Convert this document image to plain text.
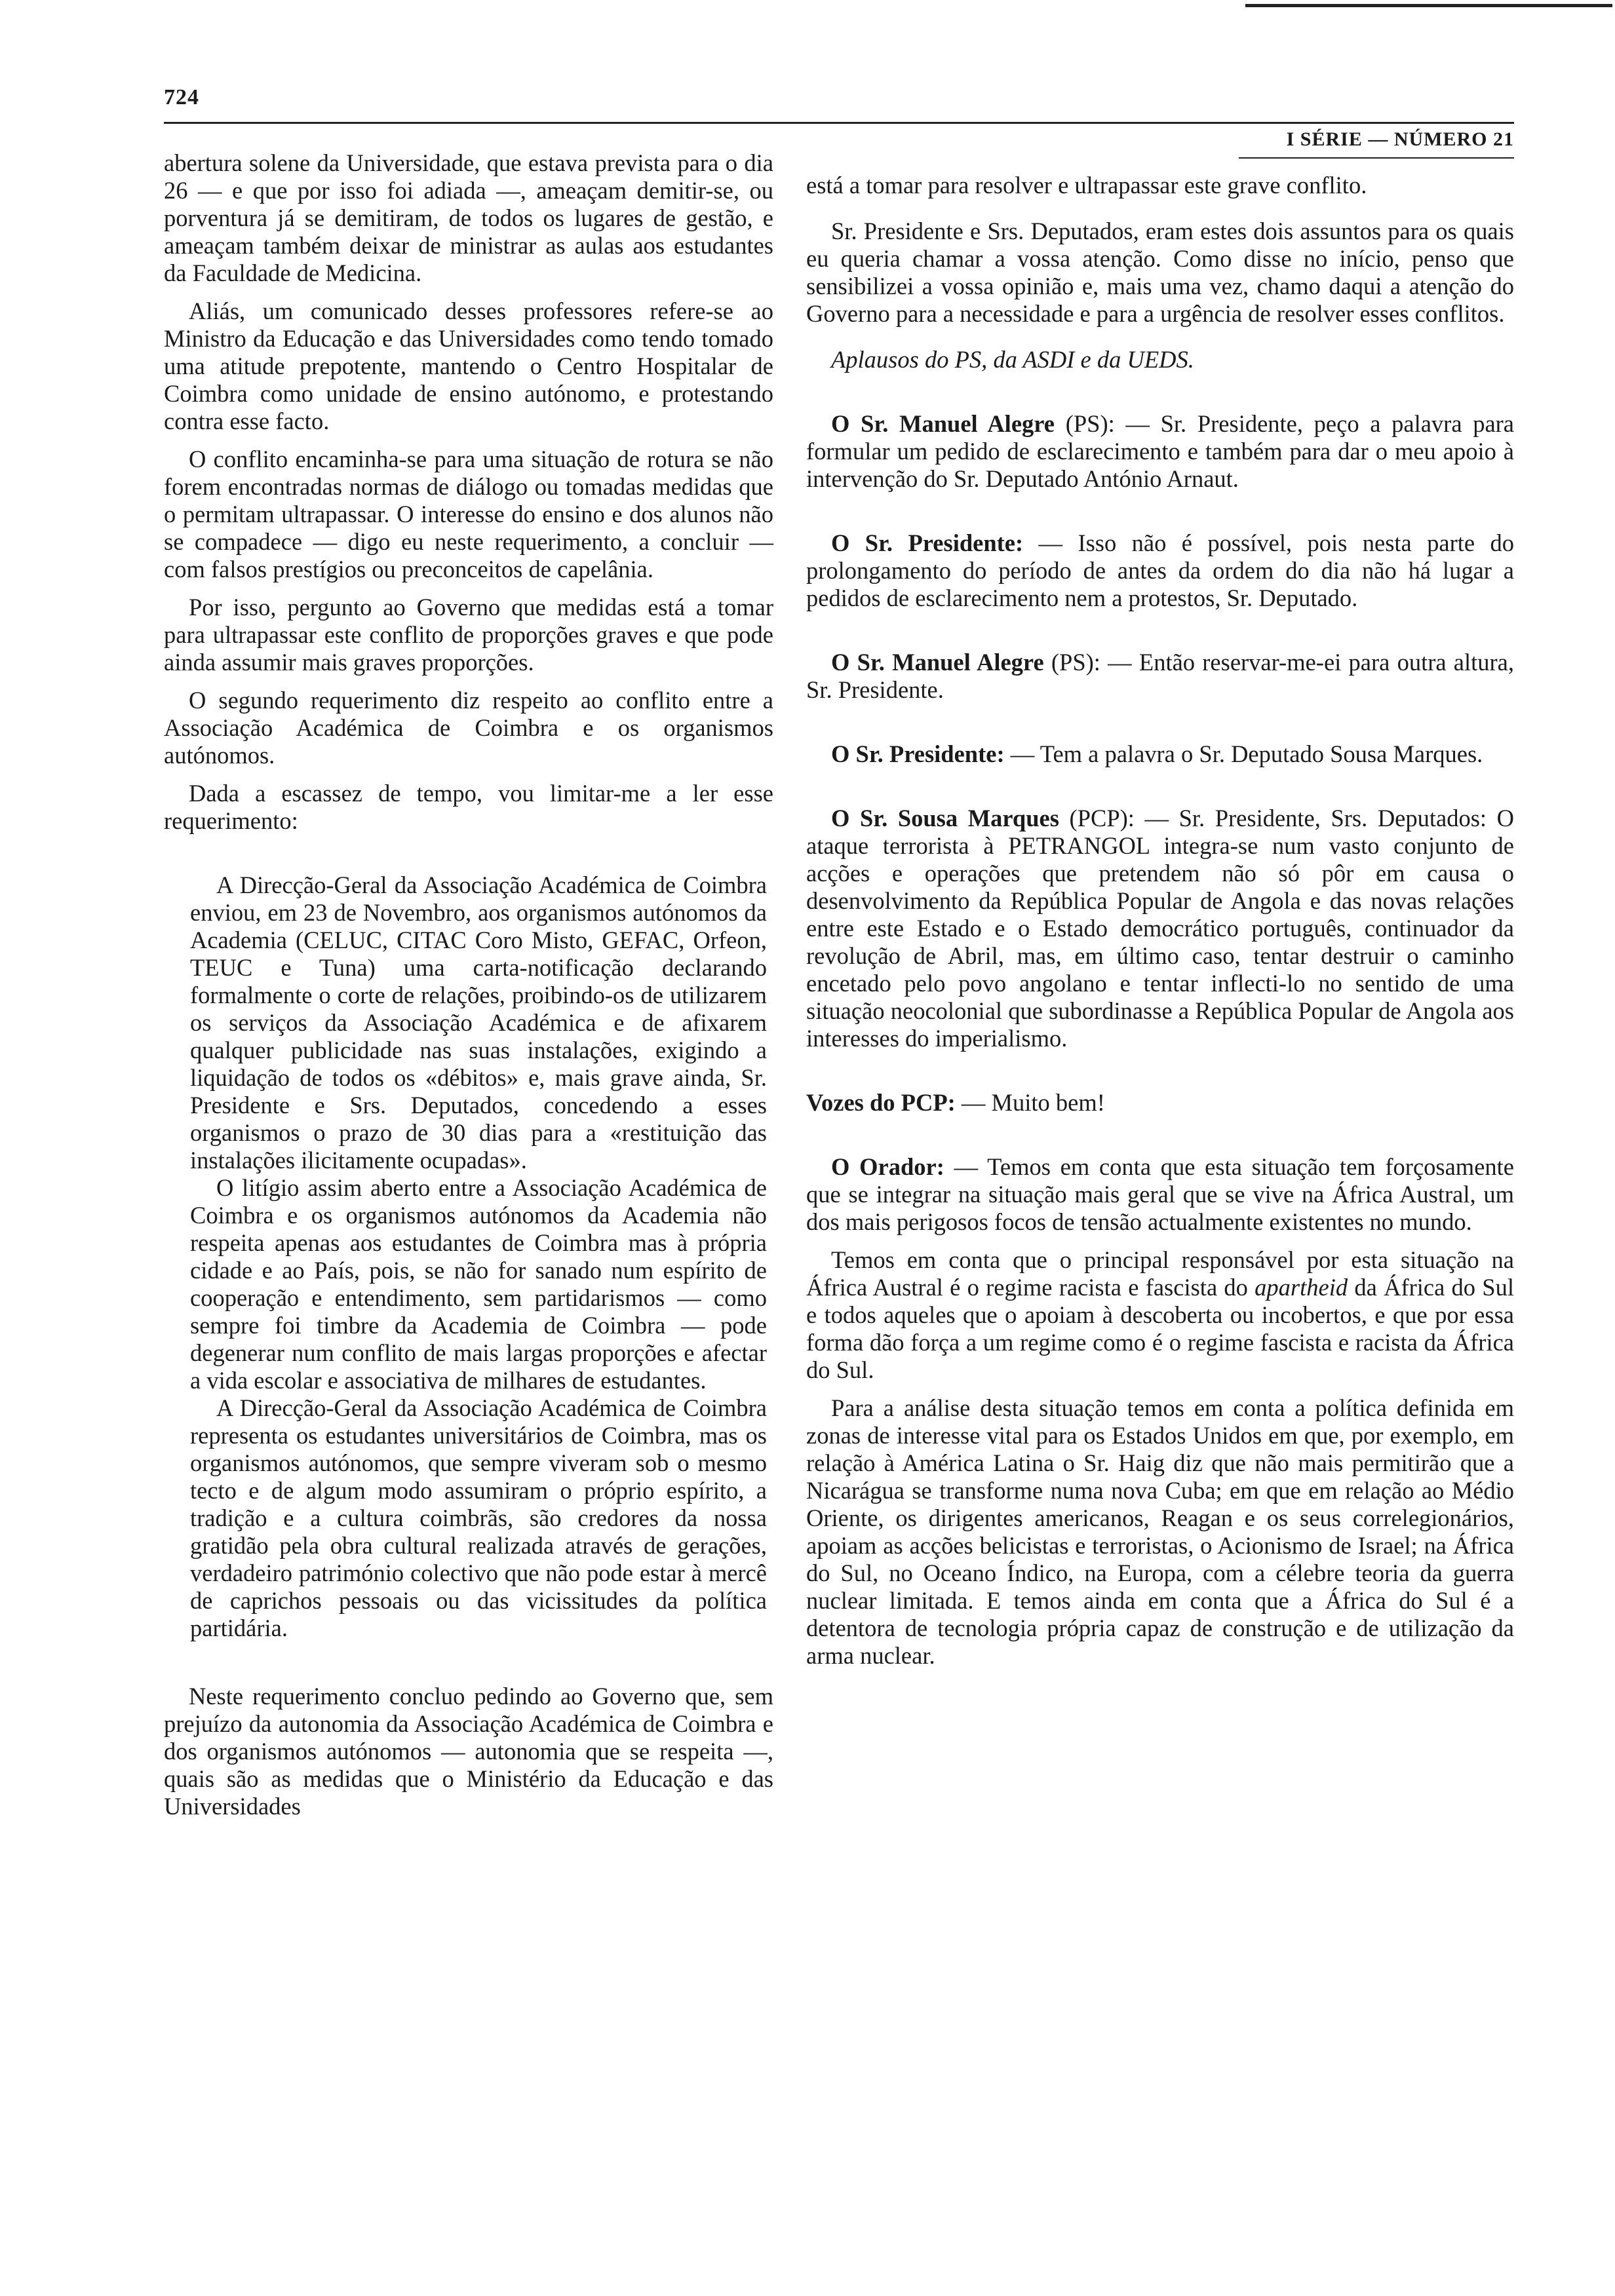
724
I SÉRIE — NÚMERO 21

abertura solene da Universidade, que estava prevista para o dia 26 — e que por isso foi adiada —, ameaçam demitir-se, ou porventura já se demitiram, de todos os lugares de gestão, e ameaçam também deixar de ministrar as aulas aos estudantes da Faculdade de Medicina.

Aliás, um comunicado desses professores refere-se ao Ministro da Educação e das Universidades como tendo tomado uma atitude prepotente, mantendo o Centro Hospitalar de Coimbra como unidade de ensino autónomo, e protestando contra esse facto.

O conflito encaminha-se para uma situação de rotura se não forem encontradas normas de diálogo ou tomadas medidas que o permitam ultrapassar. O interesse do ensino e dos alunos não se compadece — digo eu neste requerimento, a concluir — com falsos prestígios ou preconceitos de capelânia.

Por isso, pergunto ao Governo que medidas está a tomar para ultrapassar este conflito de proporções graves e que pode ainda assumir mais graves proporções.

O segundo requerimento diz respeito ao conflito entre a Associação Académica de Coimbra e os organismos autónomos.

Dada a escassez de tempo, vou limitar-me a ler esse requerimento:

A Direcção-Geral da Associação Académica de Coimbra enviou, em 23 de Novembro, aos organismos autónomos da Academia (CELUC, CITAC Coro Misto, GEFAC, Orfeon, TEUC e Tuna) uma carta-notificação declarando formalmente o corte de relações, proibindo-os de utilizarem os serviços da Associação Académica e de afixarem qualquer publicidade nas suas instalações, exigindo a liquidação de todos os «débitos» e, mais grave ainda, Sr. Presidente e Srs. Deputados, concedendo a esses organismos o prazo de 30 dias para a «restituição das instalações ilicitamente ocupadas».

O litígio assim aberto entre a Associação Académica de Coimbra e os organismos autónomos da Academia não respeita apenas aos estudantes de Coimbra mas à própria cidade e ao País, pois, se não for sanado num espírito de cooperação e entendimento, sem partidarismos — como sempre foi timbre da Academia de Coimbra — pode degenerar num conflito de mais largas proporções e afectar a vida escolar e associativa de milhares de estudantes.

A Direcção-Geral da Associação Académica de Coimbra representa os estudantes universitários de Coimbra, mas os organismos autónomos, que sempre viveram sob o mesmo tecto e de algum modo assumiram o próprio espírito, a tradição e a cultura coimbrãs, são credores da nossa gratidão pela obra cultural realizada através de gerações, verdadeiro património colectivo que não pode estar à mercê de caprichos pessoais ou das vicissitudes da política partidária.

Neste requerimento concluo pedindo ao Governo que, sem prejuízo da autonomia da Associação Académica de Coimbra e dos organismos autónomos — autonomia que se respeita —, quais são as medidas que o Ministério da Educação e das Universidades

está a tomar para resolver e ultrapassar este grave conflito.

Sr. Presidente e Srs. Deputados, eram estes dois assuntos para os quais eu queria chamar a vossa atenção. Como disse no início, penso que sensibilizei a vossa opinião e, mais uma vez, chamo daqui a atenção do Governo para a necessidade e para a urgência de resolver esses conflitos.

Aplausos do PS, da ASDI e da UEDS.

O Sr. Manuel Alegre (PS): — Sr. Presidente, peço a palavra para formular um pedido de esclarecimento e também para dar o meu apoio à intervenção do Sr. Deputado António Arnaut.

O Sr. Presidente: — Isso não é possível, pois nesta parte do prolongamento do período de antes da ordem do dia não há lugar a pedidos de esclarecimento nem a protestos, Sr. Deputado.

O Sr. Manuel Alegre (PS): — Então reservar-me-ei para outra altura, Sr. Presidente.

O Sr. Presidente: — Tem a palavra o Sr. Deputado Sousa Marques.

O Sr. Sousa Marques (PCP): — Sr. Presidente, Srs. Deputados: O ataque terrorista à PETRANGOL integra-se num vasto conjunto de acções e operações que pretendem não só pôr em causa o desenvolvimento da República Popular de Angola e das novas relações entre este Estado e o Estado democrático português, continuador da revolução de Abril, mas, em último caso, tentar destruir o caminho encetado pelo povo angolano e tentar inflecti-lo no sentido de uma situação neocolonial que subordinasse a República Popular de Angola aos interesses do imperialismo.

Vozes do PCP: — Muito bem!

O Orador: — Temos em conta que esta situação tem forçosamente que se integrar na situação mais geral que se vive na África Austral, um dos mais perigosos focos de tensão actualmente existentes no mundo.

Temos em conta que o principal responsável por esta situação na África Austral é o regime racista e fascista do apartheid da África do Sul e todos aqueles que o apoiam à descoberta ou incobertos, e que por essa forma dão força a um regime como é o regime fascista e racista da África do Sul.

Para a análise desta situação temos em conta a política definida em zonas de interesse vital para os Estados Unidos em que, por exemplo, em relação à América Latina o Sr. Haig diz que não mais permitirão que a Nicarágua se transforme numa nova Cuba; em que em relação ao Médio Oriente, os dirigentes americanos, Reagan e os seus correlegionários, apoiam as acções belicistas e terroristas, o Acionismo de Israel; na África do Sul, no Oceano Índico, na Europa, com a célebre teoria da guerra nuclear limitada. E temos ainda em conta que a África do Sul é a detentora de tecnologia própria capaz de construção e de utilização da arma nuclear.
